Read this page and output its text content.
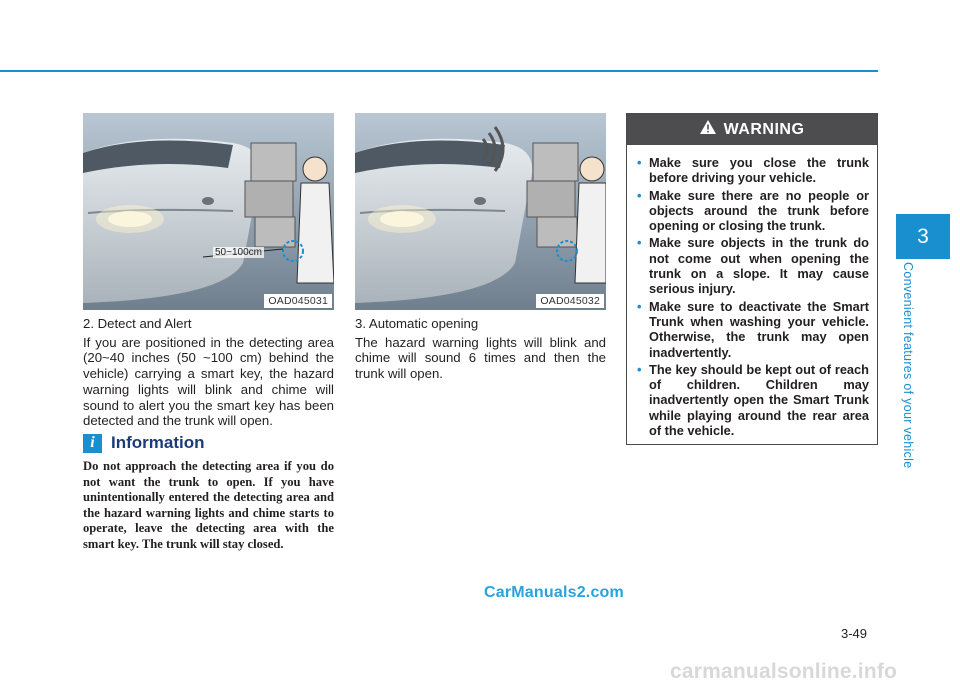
50~100cm
OAD045031	OAD045032

2. Detect and Alert

If you are positioned in the detecting area (20~40 inches (50 ~100 cm) behind the vehicle) carrying a smart key, the hazard warning lights will blink and chime will sound to alert you the smart key has been detected and the trunk will open.

i Information
Do not approach the detecting area if you do not want the trunk to open. If you have unintentionally entered the detecting area and the hazard warning lights and chime starts to operate, leave the detecting area with the smart key. The trunk will stay closed.

3. Automatic opening

The hazard warning lights will blink and chime will sound 6 times and then the trunk will open.

WARNING
• Make sure you close the trunk before driving your vehicle.
• Make sure there are no people or objects around the trunk before opening or closing the trunk.
• Make sure objects in the trunk do not come out when opening the trunk on a slope. It may cause serious injury.
• Make sure to deactivate the Smart Trunk when washing your vehicle. Otherwise, the trunk may open inadvertently.
• The key should be kept out of reach of children. Children may inadvertently open the Smart Trunk while playing around the rear area of the vehicle.
3
Convenient features of your vehicle
3-49
CarManuals2.com
carmanualsonline.info
